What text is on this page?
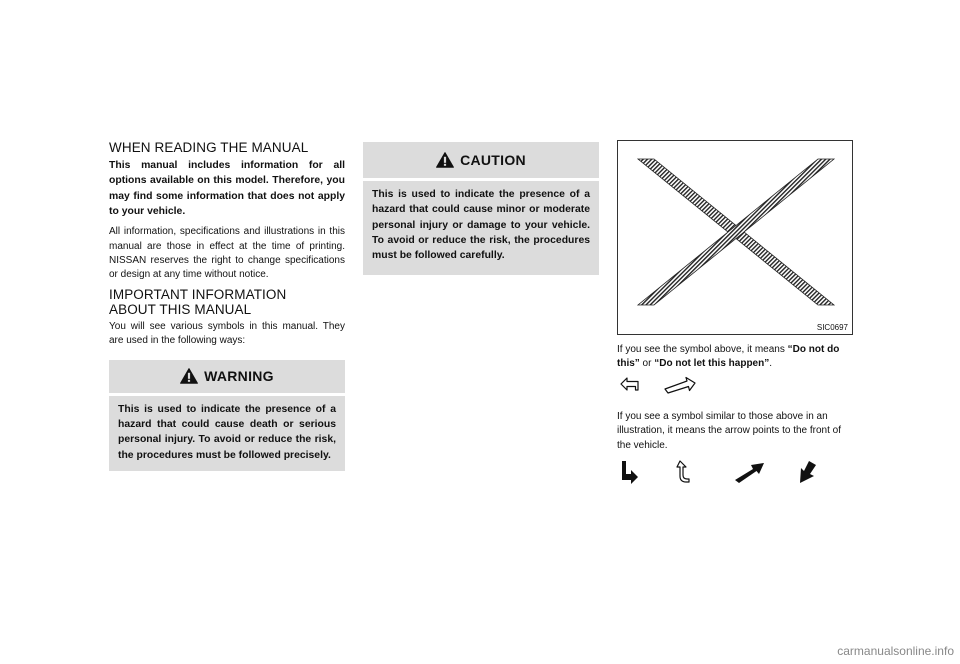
WHEN READING THE MANUAL

This manual includes information for all options available on this model. Therefore, you may find some information that does not apply to your vehicle.

All information, specifications and illustrations in this manual are those in effect at the time of printing. NISSAN reserves the right to change specifications or design at any time without notice.

IMPORTANT INFORMATION ABOUT THIS MANUAL

You will see various symbols in this manual. They are used in the following ways:

WARNING
This is used to indicate the presence of a hazard that could cause death or serious personal injury. To avoid or reduce the risk, the procedures must be followed precisely.
CAUTION
This is used to indicate the presence of a hazard that could cause minor or moderate personal injury or damage to your vehicle. To avoid or reduce the risk, the procedures must be followed carefully.
SIC0697

If you see the symbol above, it means “Do not do this” or “Do not let this happen”.

If you see a symbol similar to those above in an illustration, it means the arrow points to the front of the vehicle.

carmanualsonline.info
